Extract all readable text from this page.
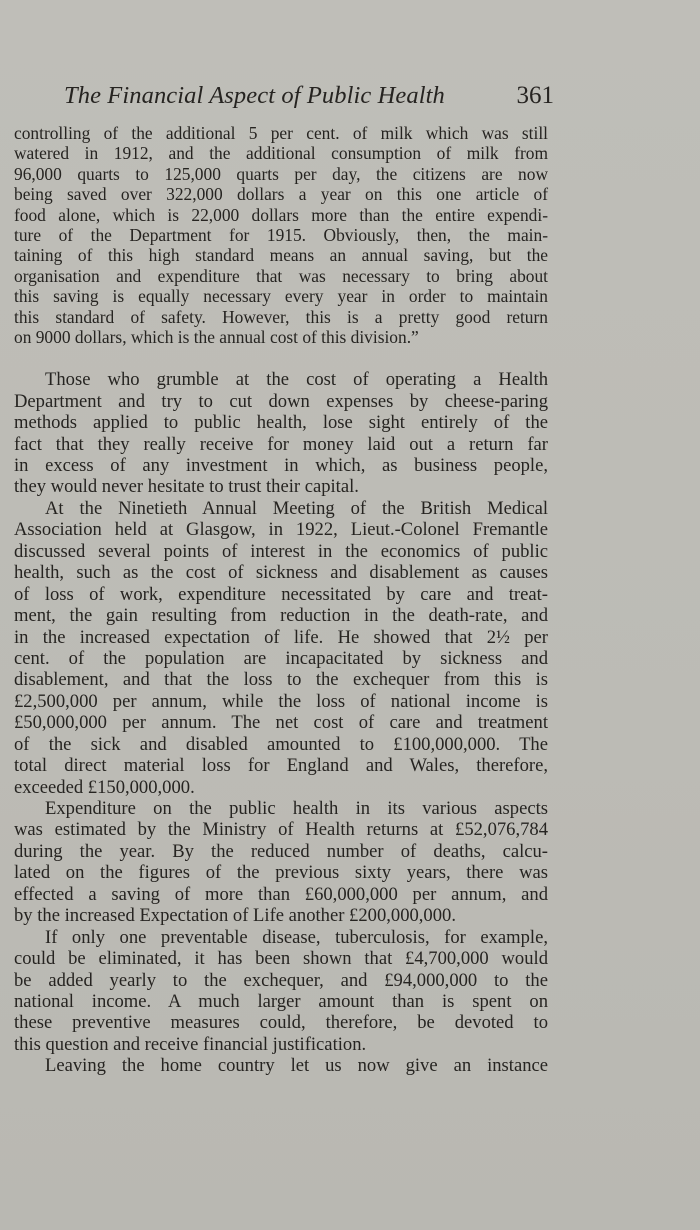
The Financial Aspect of Public Health	361
controlling of the additional 5 per cent. of milk which was still
watered in 1912, and the additional consumption of milk from
96,000 quarts to 125,000 quarts per day, the citizens are now
being saved over 322,000 dollars a year on this one article of
food alone, which is 22,000 dollars more than the entire expendi-
ture of the Department for 1915. Obviously, then, the main-
taining of this high standard means an annual saving, but the
organisation and expenditure that was necessary to bring about
this saving is equally necessary every year in order to maintain
this standard of safety. However, this is a pretty good return
on 9000 dollars, which is the annual cost of this division.”
Those who grumble at the cost of operating a Health
Department and try to cut down expenses by cheese-paring
methods applied to public health, lose sight entirely of the
fact that they really receive for money laid out a return far
in excess of any investment in which, as business people,
they would never hesitate to trust their capital.
At the Ninetieth Annual Meeting of the British Medical
Association held at Glasgow, in 1922, Lieut.-Colonel Fremantle
discussed several points of interest in the economics of public
health, such as the cost of sickness and disablement as causes
of loss of work, expenditure necessitated by care and treat-
ment, the gain resulting from reduction in the death-rate, and
in the increased expectation of life. He showed that 2½ per
cent. of the population are incapacitated by sickness and
disablement, and that the loss to the exchequer from this is
£2,500,000 per annum, while the loss of national income is
£50,000,000 per annum. The net cost of care and treatment
of the sick and disabled amounted to £100,000,000. The
total direct material loss for England and Wales, therefore,
exceeded £150,000,000.
Expenditure on the public health in its various aspects
was estimated by the Ministry of Health returns at £52,076,784
during the year. By the reduced number of deaths, calcu-
lated on the figures of the previous sixty years, there was
effected a saving of more than £60,000,000 per annum, and
by the increased Expectation of Life another £200,000,000.
If only one preventable disease, tuberculosis, for example,
could be eliminated, it has been shown that £4,700,000 would
be added yearly to the exchequer, and £94,000,000 to the
national income. A much larger amount than is spent on
these preventive measures could, therefore, be devoted to
this question and receive financial justification.
Leaving the home country let us now give an instance
